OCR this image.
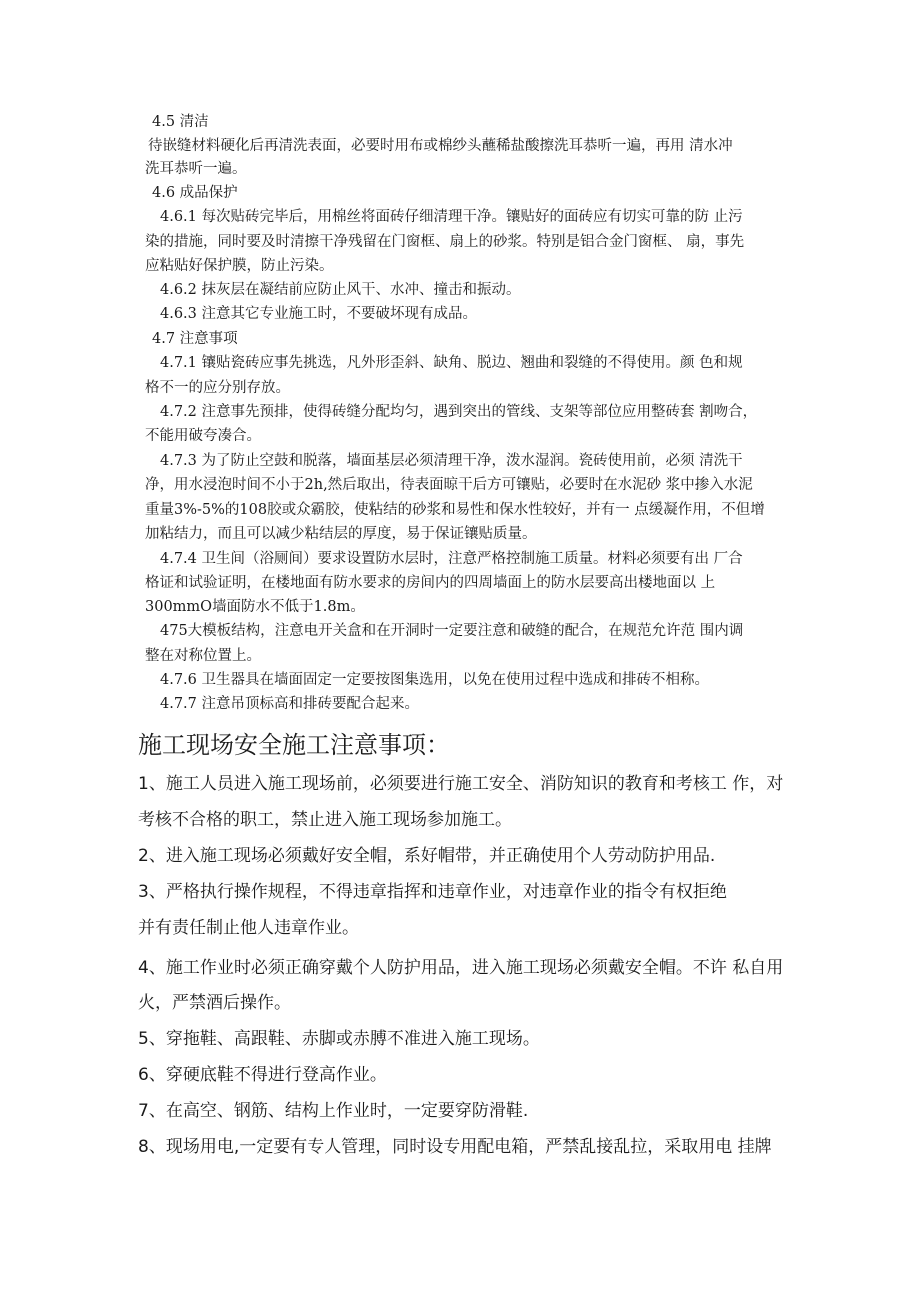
4.5 清洁
待嵌缝材料硬化后再清洗表面，必要时用布或棉纱头蘸稀盐酸擦洗耳恭听一遍，再用 清水冲
洗耳恭听一遍。
4.6 成品保护
4.6.1 每次贴砖完毕后，用棉丝将面砖仔细清理干净。镶贴好的面砖应有切实可靠的防 止污
染的措施，同时要及时清擦干净残留在门窗框、扇上的砂浆。特别是铝合金门窗框、 扇，事先
应粘贴好保护膜，防止污染。
4.6.2 抹灰层在凝结前应防止风干、水冲、撞击和振动。
4.6.3 注意其它专业施工时，不要破坏现有成品。
4.7 注意事项
4.7.1 镶贴瓷砖应事先挑选，凡外形歪斜、缺角、脱边、翘曲和裂缝的不得使用。颜 色和规
格不一的应分别存放。
4.7.2 注意事先预排，使得砖缝分配均匀，遇到突出的管线、支架等部位应用整砖套 割吻合，
不能用破夸凑合。
4.7.3 为了防止空鼓和脱落，墙面基层必须清理干净，泼水湿润。瓷砖使用前，必须 清洗干
净，用水浸泡时间不小于2h,然后取出，待表面晾干后方可镶贴，必要时在水泥砂 浆中掺入水泥
重量3%-5%的108胶或众霸胶，使粘结的砂浆和易性和保水性较好，并有一 点缓凝作用，不但增
加粘结力，而且可以减少粘结层的厚度，易于保证镶贴质量。
4.7.4 卫生间（浴厕间）要求设置防水层时，注意严格控制施工质量。材料必须要有出 厂合
格证和试验证明，在楼地面有防水要求的房间内的四周墙面上的防水层要高出楼地面以 上
300mmO墙面防水不低于1.8m。
475大模板结构，注意电开关盒和在开洞时一定要注意和破缝的配合，在规范允许范 围内调
整在对称位置上。
4.7.6 卫生器具在墙面固定一定要按图集选用，以免在使用过程中选成和排砖不相称。
4.7.7 注意吊顶标高和排砖要配合起来。
施工现场安全施工注意事项：
1、施工人员进入施工现场前，必须要进行施工安全、消防知识的教育和考核工 作，对
考核不合格的职工，禁止进入施工现场参加施工。
2、进入施工现场必须戴好安全帽，系好帽带，并正确使用个人劳动防护用品.
3、严格执行操作规程，不得违章指挥和违章作业，对违章作业的指令有权拒绝
并有责任制止他人违章作业。
4、施工作业时必须正确穿戴个人防护用品，进入施工现场必须戴安全帽。不许 私自用
火，严禁酒后操作。
5、穿拖鞋、高跟鞋、赤脚或赤膊不准进入施工现场。
6、穿硬底鞋不得进行登高作业。
7、在高空、钢筋、结构上作业时，一定要穿防滑鞋.
8、现场用电,一定要有专人管理，同时设专用配电箱，严禁乱接乱拉，采取用电 挂牌
